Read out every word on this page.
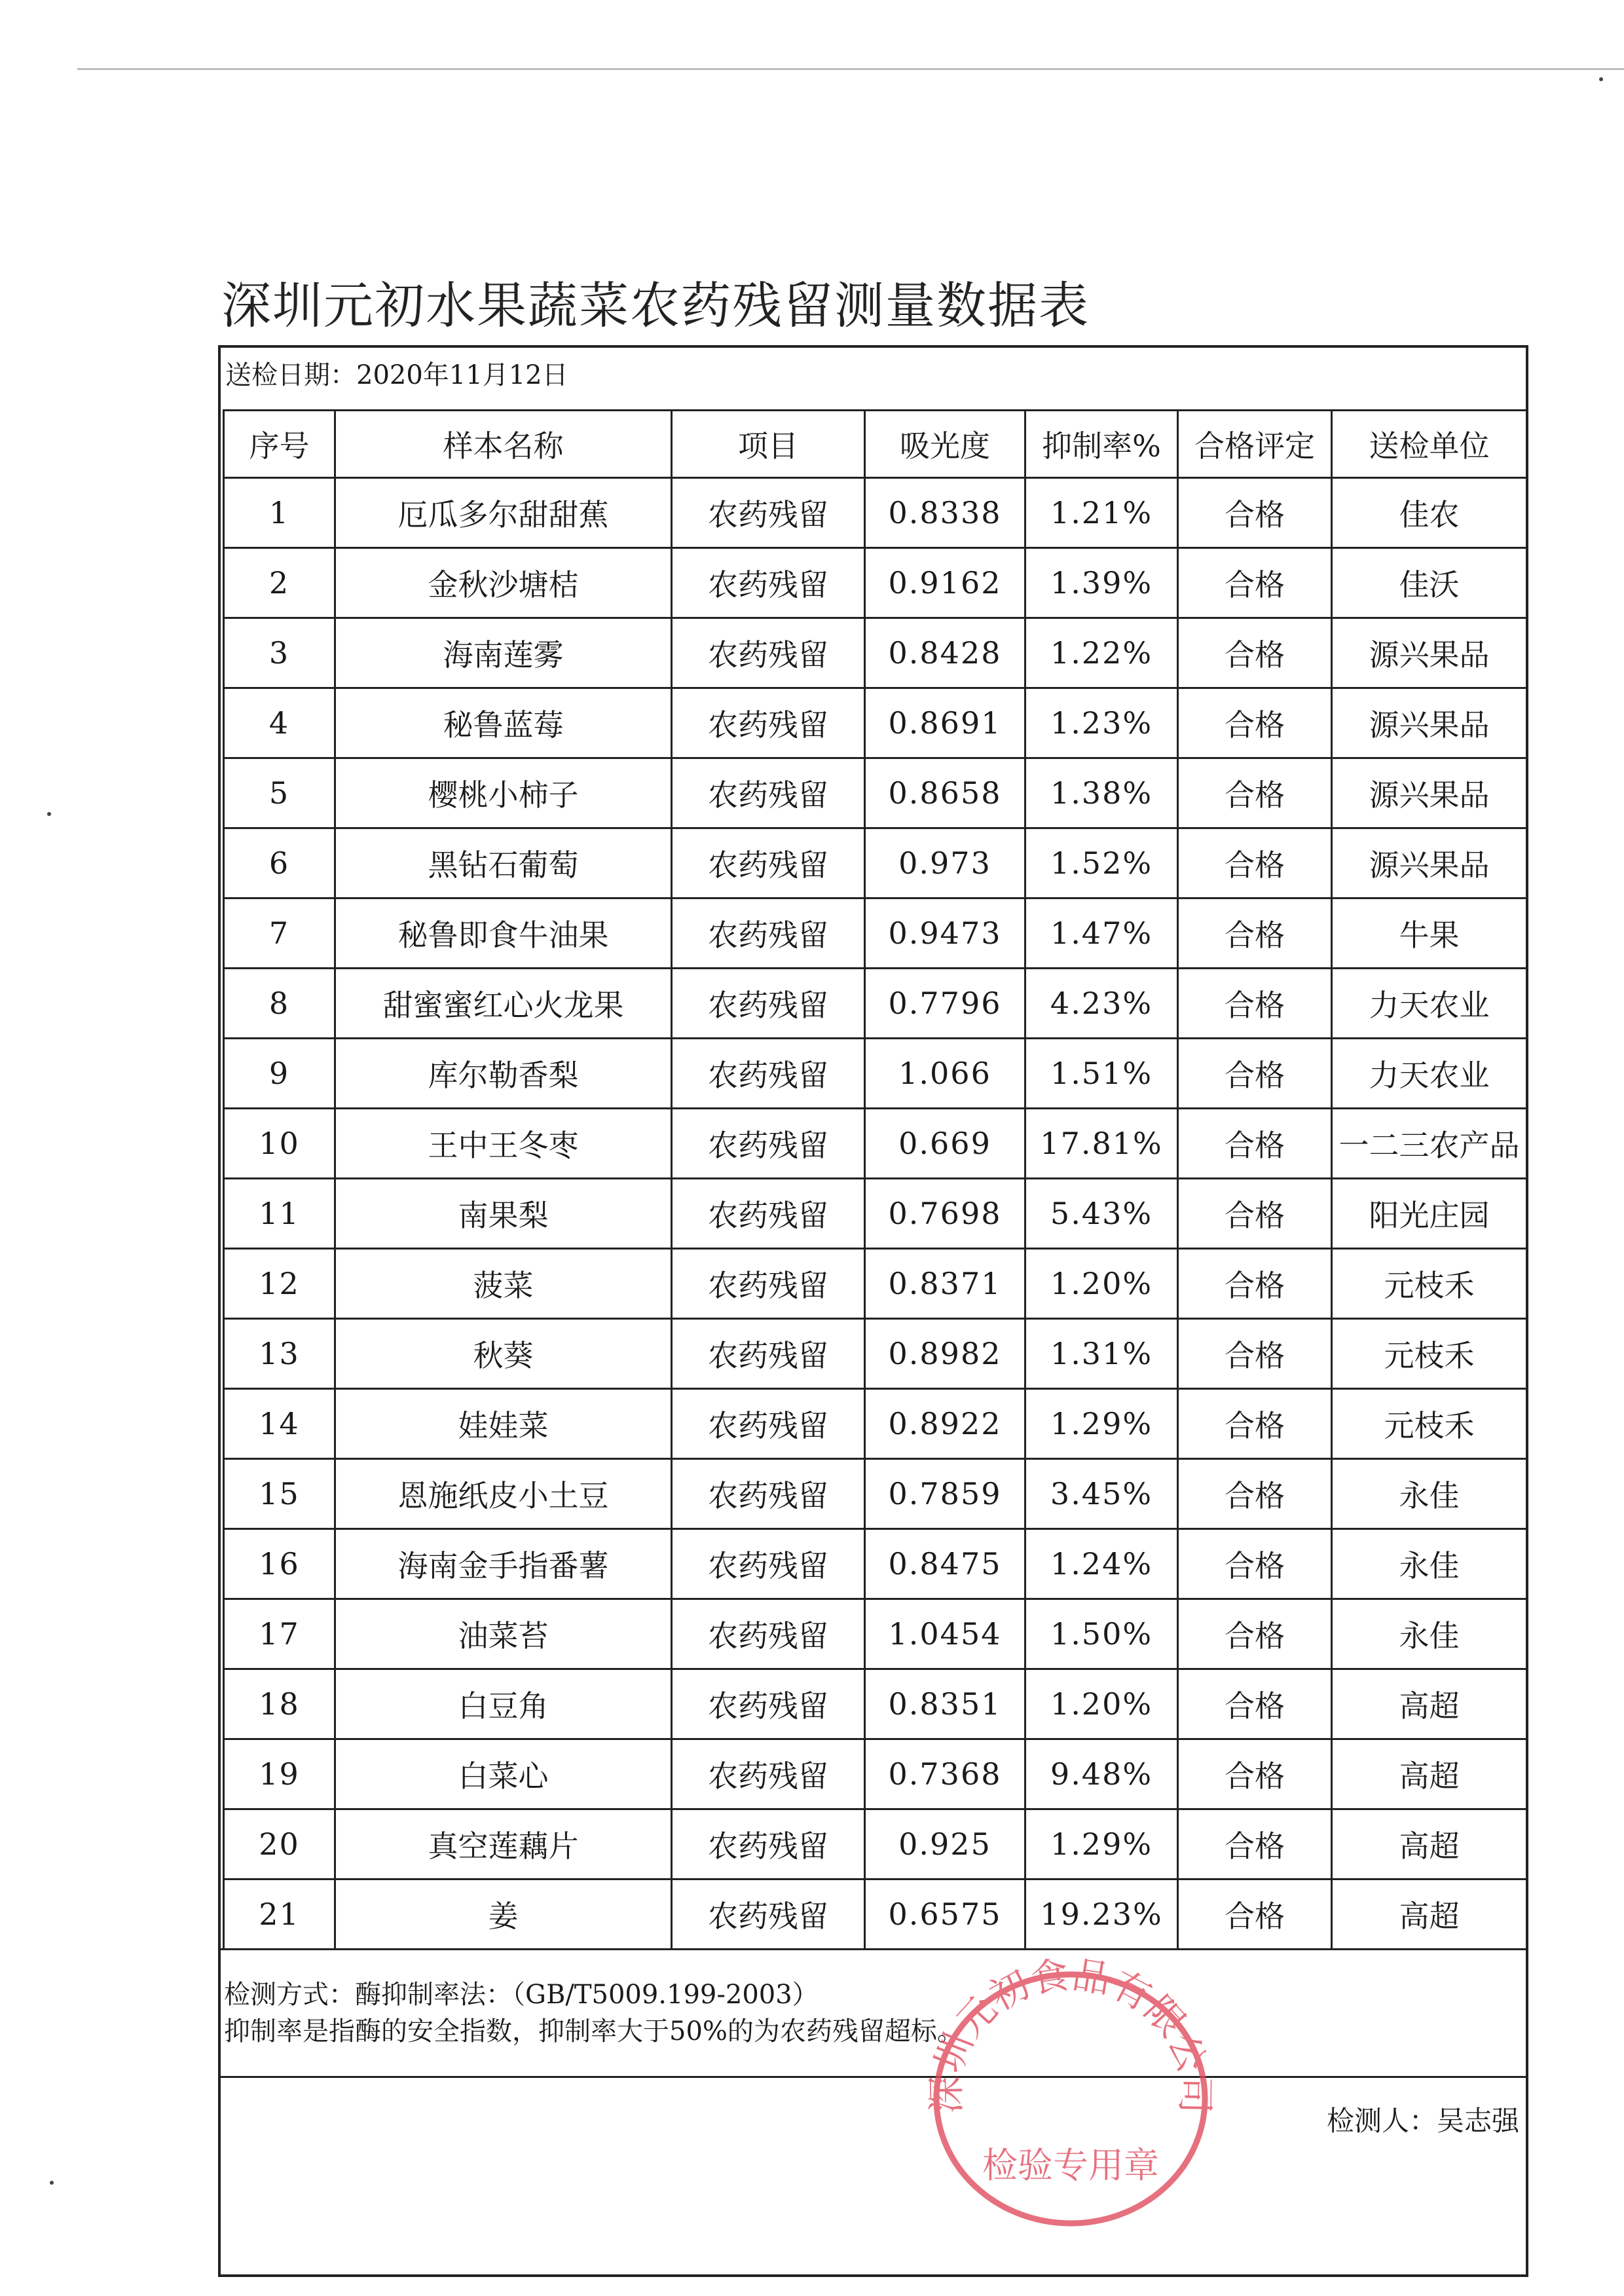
深圳元初水果蔬菜农药残留测量数据表
送检日期：2020年11月12日
序号	样本名称	项目	吸光度	抑制率%	合格评定	送检单位
1	厄瓜多尔甜甜蕉	农药残留	0.8338	1.21%	合格	佳农
2	金秋沙塘桔	农药残留	0.9162	1.39%	合格	佳沃
3	海南莲雾	农药残留	0.8428	1.22%	合格	源兴果品
4	秘鲁蓝莓	农药残留	0.8691	1.23%	合格	源兴果品
5	樱桃小柿子	农药残留	0.8658	1.38%	合格	源兴果品
6	黑钻石葡萄	农药残留	0.973	1.52%	合格	源兴果品
7	秘鲁即食牛油果	农药残留	0.9473	1.47%	合格	牛果
8	甜蜜蜜红心火龙果	农药残留	0.7796	4.23%	合格	力天农业
9	库尔勒香梨	农药残留	1.066	1.51%	合格	力天农业
10	王中王冬枣	农药残留	0.669	17.81%	合格	一二三农产品
11	南果梨	农药残留	0.7698	5.43%	合格	阳光庄园
12	菠菜	农药残留	0.8371	1.20%	合格	元枝禾
13	秋葵	农药残留	0.8982	1.31%	合格	元枝禾
14	娃娃菜	农药残留	0.8922	1.29%	合格	元枝禾
15	恩施纸皮小土豆	农药残留	0.7859	3.45%	合格	永佳
16	海南金手指番薯	农药残留	0.8475	1.24%	合格	永佳
17	油菜苔	农药残留	1.0454	1.50%	合格	永佳
18	白豆角	农药残留	0.8351	1.20%	合格	高超
19	白菜心	农药残留	0.7368	9.48%	合格	高超
20	真空莲藕片	农药残留	0.925	1.29%	合格	高超
21	姜	农药残留	0.6575	19.23%	合格	高超
检测方式：酶抑制率法：（GB/T5009.199-2003）
抑制率是指酶的安全指数，抑制率大于50%的为农药残留超标。
检测人：吴志强
深圳元初食品有限公司
检验专用章
